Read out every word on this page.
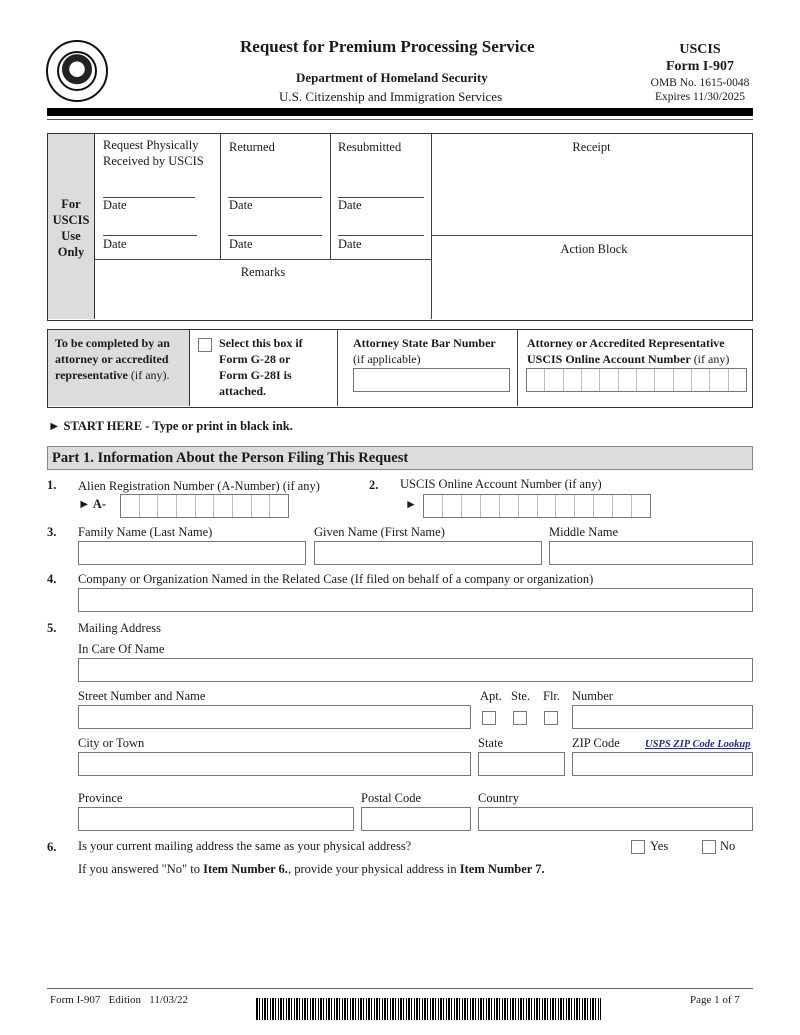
Request for Premium Processing Service
Department of Homeland Security
U.S. Citizenship and Immigration Services
USCIS
Form I-907
OMB No. 1615-0048
Expires 11/30/2025
For
USCIS
Use
Only
Request Physically
Received by USCIS
Returned	Resubmitted
Date	Date	Date
Date	Date	Date
Remarks
Receipt
Action Block
To be completed by an
attorney or accredited
representative (if any).
Select this box if
Form G-28 or
Form G-28I is
attached.
Attorney State Bar Number
(if applicable)
Attorney or Accredited Representative
USCIS Online Account Number (if any)
► START HERE - Type or print in black ink.
Part 1. Information About the Person Filing This Request
1. Alien Registration Number (A-Number) (if any)
► A-
2. USCIS Online Account Number (if any)
►
3. Family Name (Last Name)	Given Name (First Name)	Middle Name
4. Company or Organization Named in the Related Case (If filed on behalf of a company or organization)
5. Mailing Address
In Care Of Name
Street Number and Name	Apt. Ste. Flr. Number
City or Town	State	ZIP Code USPS ZIP Code Lookup
Province	Postal Code	Country
6. Is your current mailing address the same as your physical address?	Yes	No
If you answered "No" to Item Number 6., provide your physical address in Item Number 7.
Form I-907   Edition   11/03/22	Page 1 of 7
